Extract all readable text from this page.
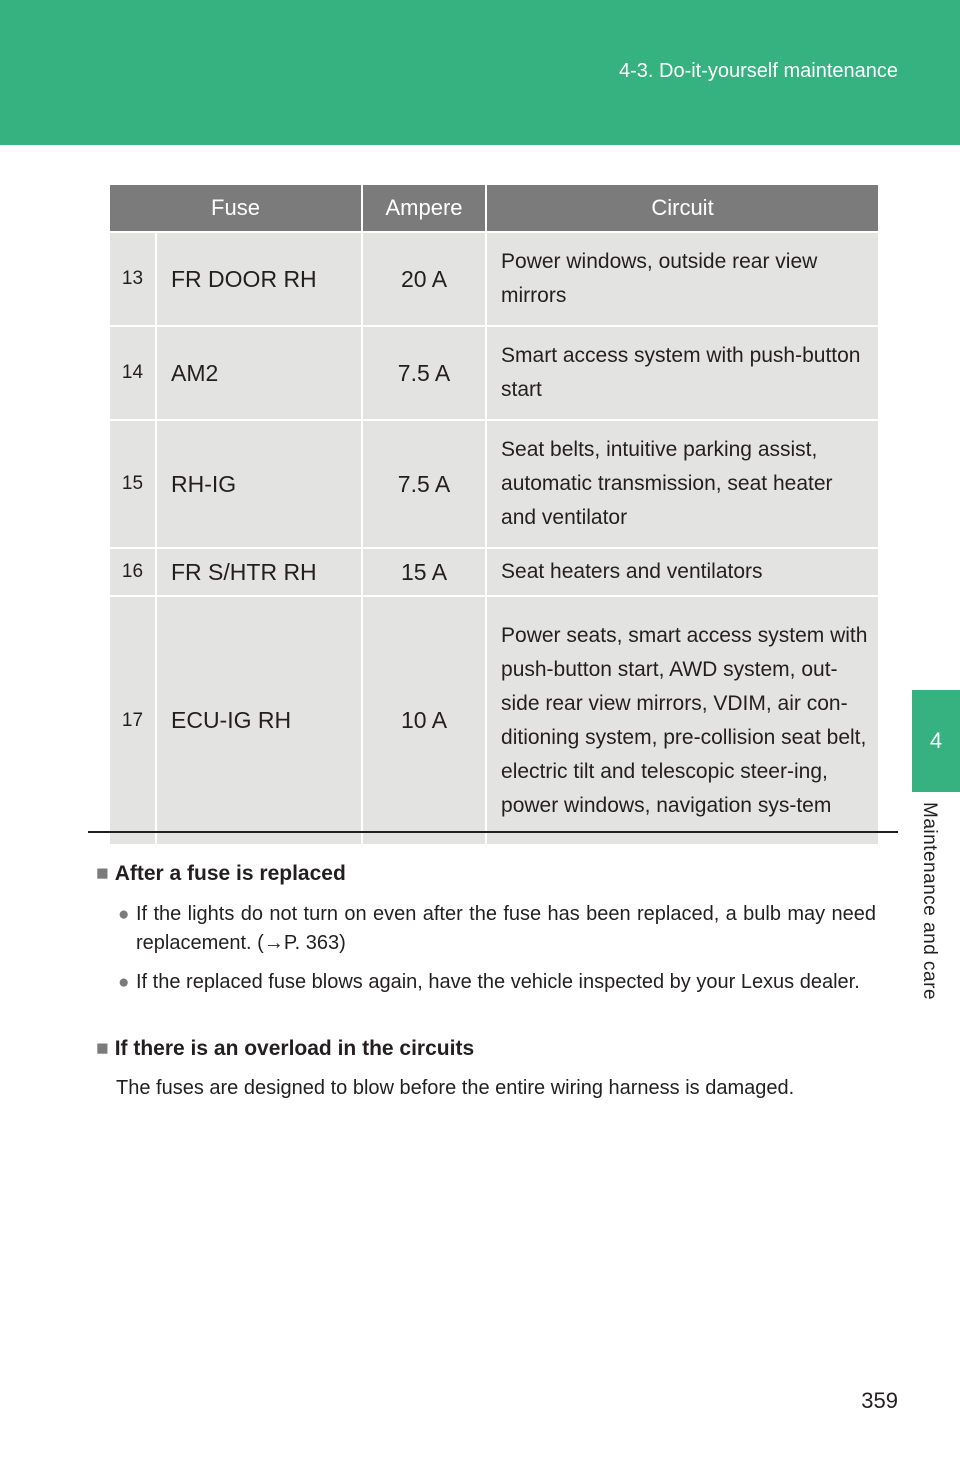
4-3. Do-it-yourself maintenance
4
Maintenance and care
Fuse		Ampere	Circuit
13	FR DOOR RH	20 A	Power windows, outside rear view mirrors
14	AM2	7.5 A	Smart access system with push-button start
15	RH-IG	7.5 A	Seat belts, intuitive parking assist, automatic transmission, seat heater and ventilator
16	FR S/HTR RH	15 A	Seat heaters and ventilators
17	ECU-IG RH	10 A	Power seats, smart access system with push-button start, AWD system, out-side rear view mirrors, VDIM, air con-ditioning system, pre-collision seat belt, electric tilt and telescopic steer-ing, power windows, navigation sys-tem
■ After a fuse is replaced
● If the lights do not turn on even after the fuse has been replaced, a bulb may need replacement. (→P. 363)
● If the replaced fuse blows again, have the vehicle inspected by your Lexus dealer.
■ If there is an overload in the circuits
The fuses are designed to blow before the entire wiring harness is damaged.
359
